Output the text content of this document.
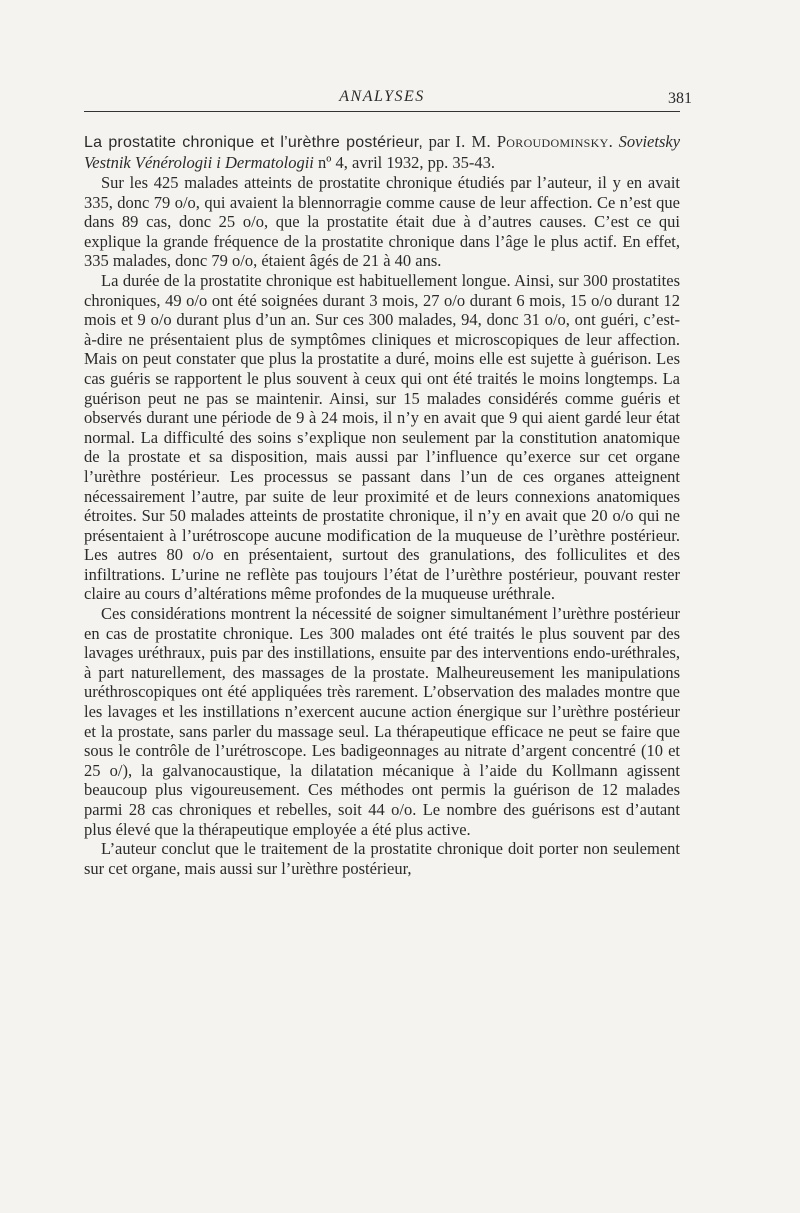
ANALYSES	381
La prostatite chronique et l’urèthre postérieur, par I. M. Poroudominsky. Sovietsky Vestnik Vénérologii i Dermatologii nº 4, avril 1932, pp. 35-43.

Sur les 425 malades atteints de prostatite chronique étudiés par l’auteur, il y en avait 335, donc 79 o/o, qui avaient la blennorragie comme cause de leur affection. Ce n’est que dans 89 cas, donc 25 o/o, que la prostatite était due à d’autres causes. C’est ce qui explique la grande fréquence de la prostatite chronique dans l’âge le plus actif. En effet, 335 malades, donc 79 o/o, étaient âgés de 21 à 40 ans.

La durée de la prostatite chronique est habituellement longue. Ainsi, sur 300 prostatites chroniques, 49 o/o ont été soignées durant 3 mois, 27 o/o durant 6 mois, 15 o/o durant 12 mois et 9 o/o durant plus d’un an. Sur ces 300 malades, 94, donc 31 o/o, ont guéri, c’est-à-dire ne présentaient plus de symptômes cliniques et microscopiques de leur affection. Mais on peut constater que plus la prostatite a duré, moins elle est sujette à guérison. Les cas guéris se rapportent le plus souvent à ceux qui ont été traités le moins longtemps. La guérison peut ne pas se maintenir. Ainsi, sur 15 malades considérés comme guéris et observés durant une période de 9 à 24 mois, il n’y en avait que 9 qui aient gardé leur état normal. La difficulté des soins s’explique non seulement par la constitution anatomique de la prostate et sa disposition, mais aussi par l’influence qu’exerce sur cet organe l’urèthre postérieur. Les processus se passant dans l’un de ces organes atteignent nécessairement l’autre, par suite de leur proximité et de leurs connexions anatomiques étroites. Sur 50 malades atteints de prostatite chronique, il n’y en avait que 20 o/o qui ne présentaient à l’urétroscope aucune modification de la muqueuse de l’urèthre postérieur. Les autres 80 o/o en présentaient, surtout des granulations, des folliculites et des infiltrations. L’urine ne reflète pas toujours l’état de l’urèthre postérieur, pouvant rester claire au cours d’altérations même profondes de la muqueuse uréthrale.

Ces considérations montrent la nécessité de soigner simultanément l’urèthre postérieur en cas de prostatite chronique. Les 300 malades ont été traités le plus souvent par des lavages uréthraux, puis par des instillations, ensuite par des interventions endo-uréthrales, à part naturellement, des massages de la prostate. Malheureusement les manipulations uréthroscopiques ont été appliquées très rarement. L’observation des malades montre que les lavages et les instillations n’exercent aucune action énergique sur l’urèthre postérieur et la prostate, sans parler du massage seul. La thérapeutique efficace ne peut se faire que sous le contrôle de l’urétroscope. Les badigeonnages au nitrate d’argent concentré (10 et 25 o/), la galvanocaustique, la dilatation mécanique à l’aide du Kollmann agissent beaucoup plus vigoureusement. Ces méthodes ont permis la guérison de 12 malades parmi 28 cas chroniques et rebelles, soit 44 o/o. Le nombre des guérisons est d’autant plus élevé que la thérapeutique employée a été plus active.

L’auteur conclut que le traitement de la prostatite chronique doit porter non seulement sur cet organe, mais aussi sur l’urèthre postérieur,
